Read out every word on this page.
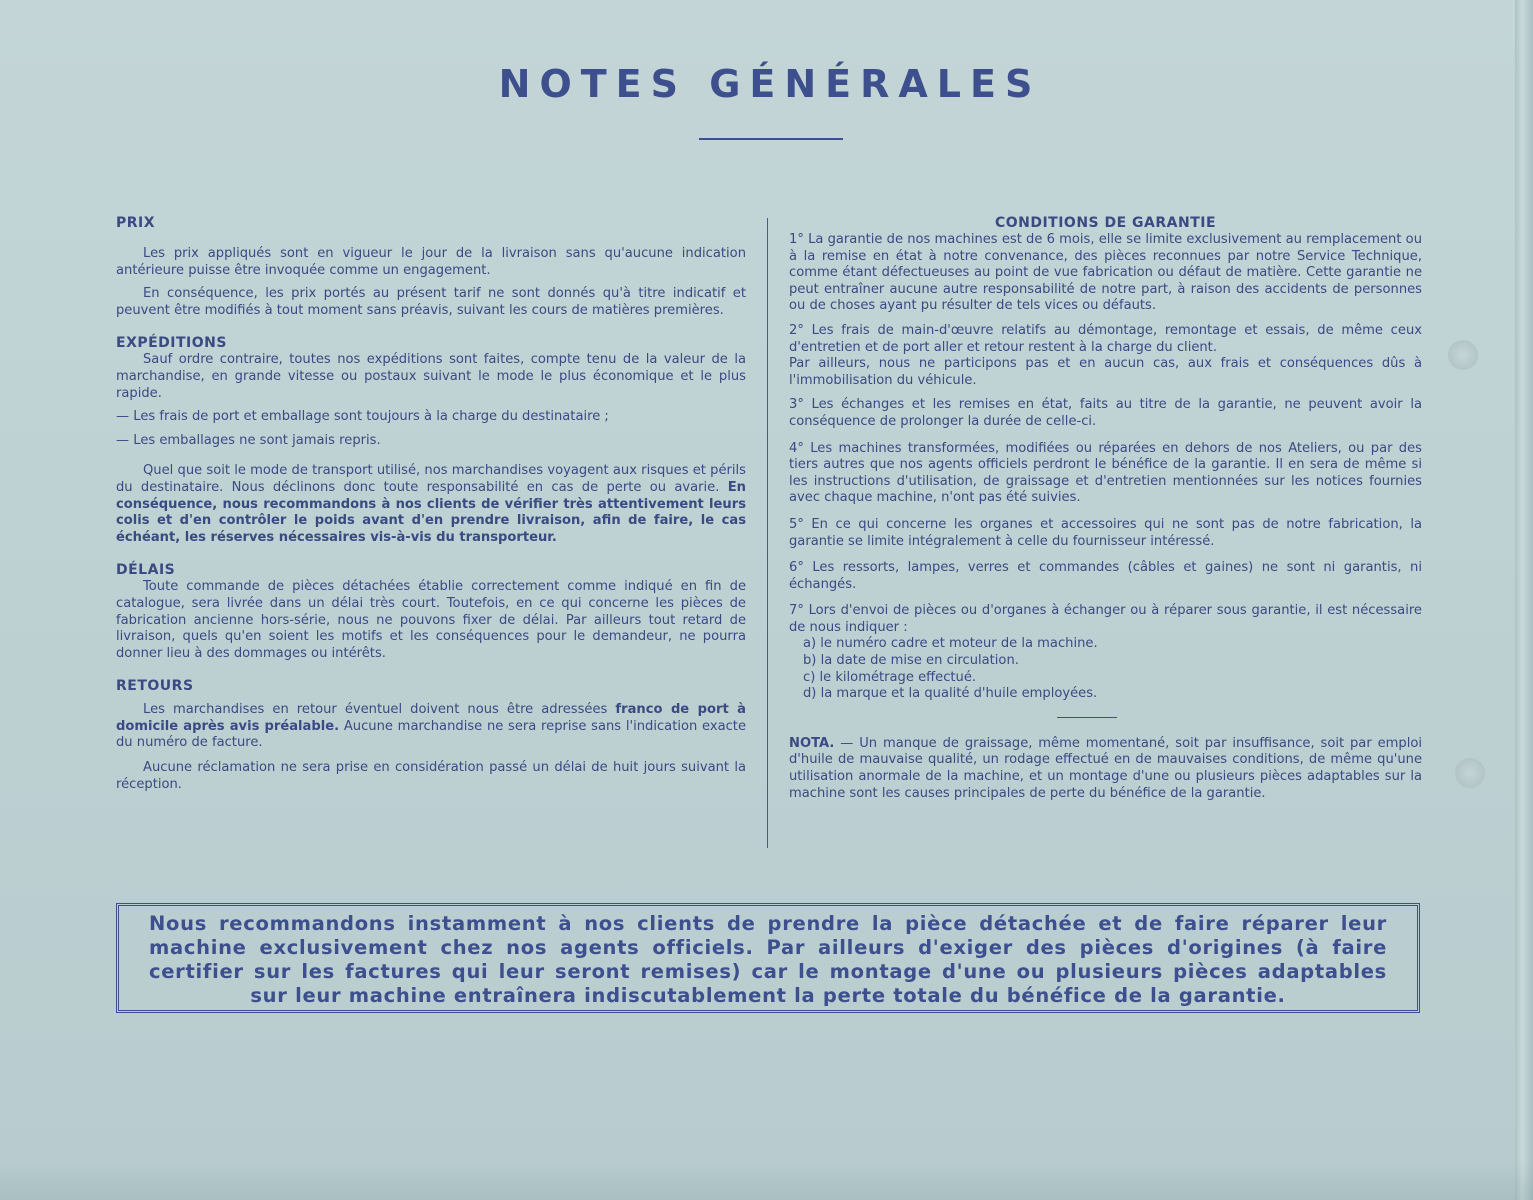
NOTES GÉNÉRALES
PRIX

Les prix appliqués sont en vigueur le jour de la livraison sans qu'aucune indication antérieure puisse être invoquée comme un engagement.

En conséquence, les prix portés au présent tarif ne sont donnés qu'à titre indicatif et peuvent être modifiés à tout moment sans préavis, suivant les cours de matières premières.

EXPÉDITIONS

Sauf ordre contraire, toutes nos expéditions sont faites, compte tenu de la valeur de la marchandise, en grande vitesse ou postaux suivant le mode le plus économique et le plus rapide.

— Les frais de port et emballage sont toujours à la charge du destinataire ;

— Les emballages ne sont jamais repris.

Quel que soit le mode de transport utilisé, nos marchandises voyagent aux risques et périls du destinataire. Nous déclinons donc toute responsabilité en cas de perte ou avarie. En conséquence, nous recommandons à nos clients de vérifier très attentivement leurs colis et d'en contrôler le poids avant d'en prendre livraison, afin de faire, le cas échéant, les réserves nécessaires vis-à-vis du transporteur.

DÉLAIS

Toute commande de pièces détachées établie correctement comme indiqué en fin de catalogue, sera livrée dans un délai très court. Toutefois, en ce qui concerne les pièces de fabrication ancienne hors-série, nous ne pouvons fixer de délai. Par ailleurs tout retard de livraison, quels qu'en soient les motifs et les conséquences pour le demandeur, ne pourra donner lieu à des dommages ou intérêts.

RETOURS

Les marchandises en retour éventuel doivent nous être adressées franco de port à domicile après avis préalable. Aucune marchandise ne sera reprise sans l'indication exacte du numéro de facture.

Aucune réclamation ne sera prise en considération passé un délai de huit jours suivant la réception.

CONDITIONS DE GARANTIE

1° La garantie de nos machines est de 6 mois, elle se limite exclusivement au remplacement ou à la remise en état à notre convenance, des pièces reconnues par notre Service Technique, comme étant défectueuses au point de vue fabrication ou défaut de matière. Cette garantie ne peut entraîner aucune autre responsabilité de notre part, à raison des accidents de personnes ou de choses ayant pu résulter de tels vices ou défauts.

2° Les frais de main-d'œuvre relatifs au démontage, remontage et essais, de même ceux d'entretien et de port aller et retour restent à la charge du client.

Par ailleurs, nous ne participons pas et en aucun cas, aux frais et conséquences dûs à l'immobilisation du véhicule.

3° Les échanges et les remises en état, faits au titre de la garantie, ne peuvent avoir la conséquence de prolonger la durée de celle-ci.

4° Les machines transformées, modifiées ou réparées en dehors de nos Ateliers, ou par des tiers autres que nos agents officiels perdront le bénéfice de la garantie. Il en sera de même si les instructions d'utilisation, de graissage et d'entretien mentionnées sur les notices fournies avec chaque machine, n'ont pas été suivies.

5° En ce qui concerne les organes et accessoires qui ne sont pas de notre fabrication, la garantie se limite intégralement à celle du fournisseur intéressé.

6° Les ressorts, lampes, verres et commandes (câbles et gaines) ne sont ni garantis, ni échangés.

7° Lors d'envoi de pièces ou d'organes à échanger ou à réparer sous garantie, il est nécessaire de nous indiquer :

a) le numéro cadre et moteur de la machine.

b) la date de mise en circulation.

c) le kilométrage effectué.

d) la marque et la qualité d'huile employées.

NOTA. — Un manque de graissage, même momentané, soit par insuffisance, soit par emploi d'huile de mauvaise qualité, un rodage effectué en de mauvaises conditions, de même qu'une utilisation anormale de la machine, et un montage d'une ou plusieurs pièces adaptables sur la machine sont les causes principales de perte du bénéfice de la garantie.

Nous recommandons instamment à nos clients de prendre la pièce détachée et de faire réparer leur machine exclusivement chez nos agents officiels. Par ailleurs d'exiger des pièces d'origines (à faire certifier sur les factures qui leur seront remises) car le montage d'une ou plusieurs pièces adaptables sur leur machine entraînera indiscutablement la perte totale du bénéfice de la garantie.
